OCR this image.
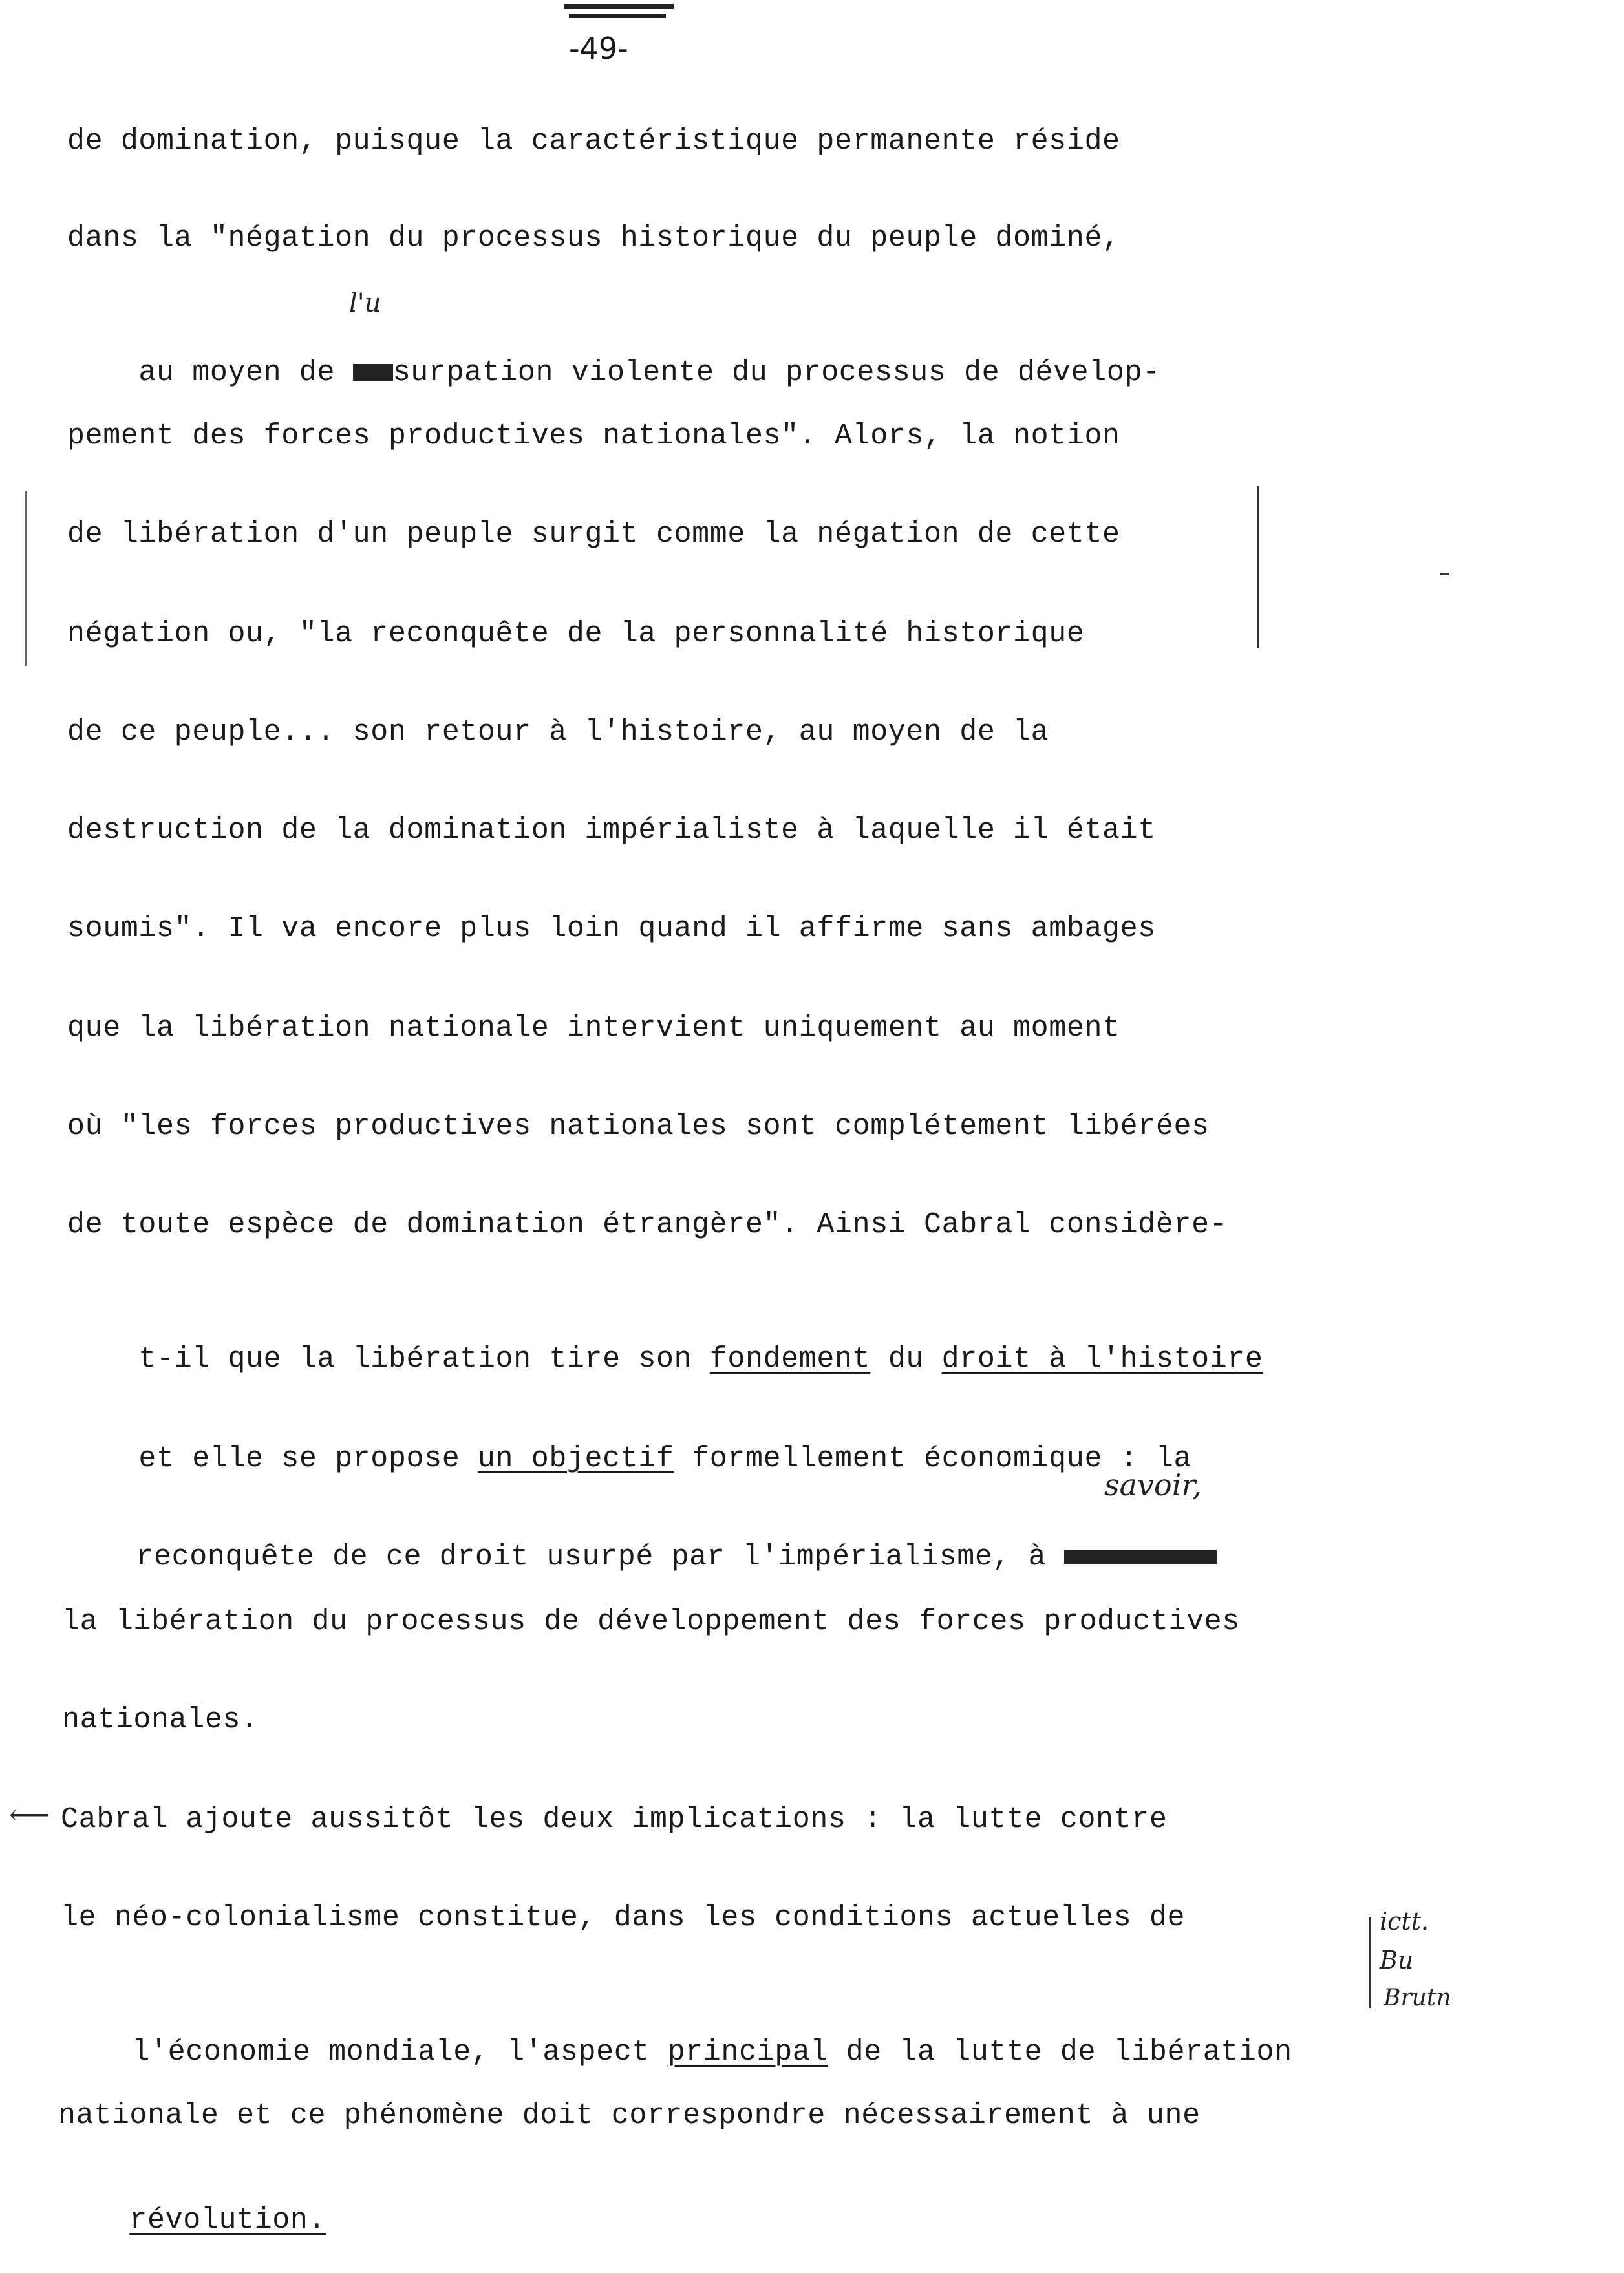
-49-
de domination, puisque la caractéristique permanente réside
dans la "négation du processus historique du peuple dominé,

au moyen de surpation violente du processus de dévelop-

l'u
pement des forces productives nationales". Alors, la notion
de libération d'un peuple surgit comme la négation de cette
négation ou, "la reconquête de la personnalité historique
de ce peuple... son retour à l'histoire, au moyen de la
destruction de la domination impérialiste à laquelle il était
soumis". Il va encore plus loin quand il affirme sans ambages
que la libération nationale intervient uniquement au moment
où "les forces productives nationales sont complétement libérées
de toute espèce de domination étrangère". Ainsi Cabral considère-

t-il que la libération tire son fondement du droit à l'histoire

et elle se propose un objectif formellement économique : la

reconquête de ce droit usurpé par l'impérialisme, à

savoir,
la libération du processus de développement des forces productives
nationales.
⟵ Cabral ajoute aussitôt les deux implications : la lutte contre
le néo-colonialisme constitue, dans les conditions actuelles de

l'économie mondiale, l'aspect principal de la lutte de libération

nationale et ce phénomène doit correspondre nécessairement à une

révolution.

ictt.
Bu
Brutn
